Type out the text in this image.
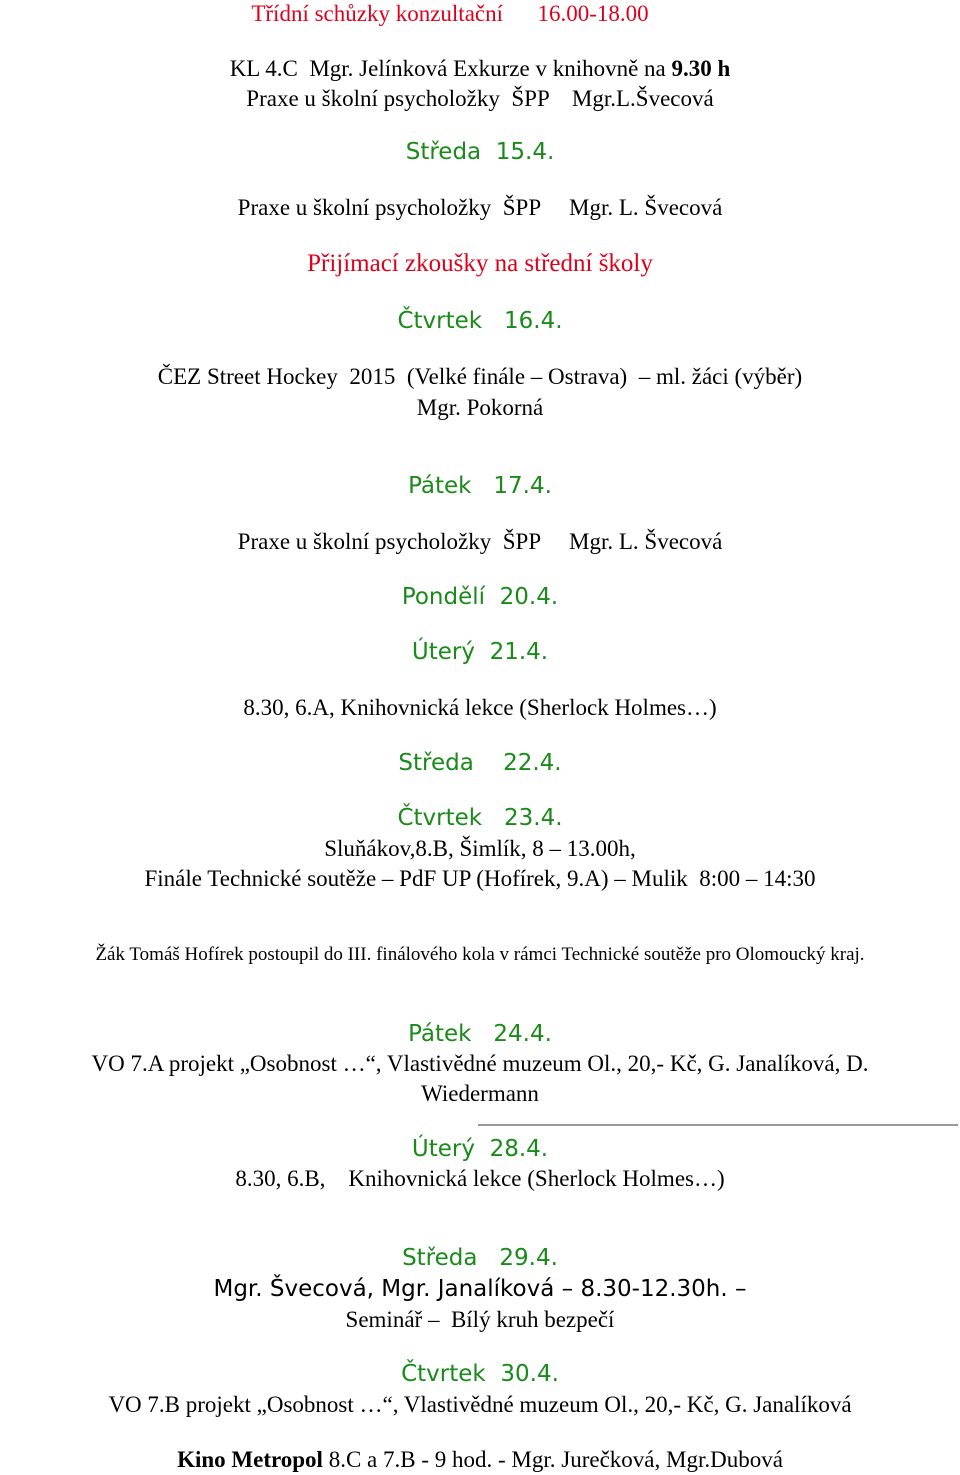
Třídní schůzky konzultační      16.00-18.00
KL 4.C  Mgr. Jelínková Exkurze v knihovně na 9.30 h
Praxe u školní psycholožky  ŠPP    Mgr.L.Švecová
Středa  15.4.
Praxe u školní psycholožky  ŠPP     Mgr. L. Švecová
Přijímací zkoušky na střední školy
Čtvrtek   16.4.
ČEZ Street Hockey  2015  (Velké finále – Ostrava)  – ml. žáci (výběr)
Mgr. Pokorná
Pátek   17.4.
Praxe u školní psycholožky  ŠPP     Mgr. L. Švecová
Pondělí  20.4.
Úterý  21.4.
8.30, 6.A, Knihovnická lekce (Sherlock Holmes…)
Středa    22.4.
Čtvrtek   23.4.
Sluňákov,8.B, Šimlík, 8 – 13.00h,
Finále Technické soutěže – PdF UP (Hofírek, 9.A) – Mulik  8:00 – 14:30
Žák Tomáš Hofírek postoupil do III. finálového kola v rámci Technické soutěže pro Olomoucký kraj.
Pátek   24.4.
VO 7.A projekt „Osobnost …“, Vlastivědné muzeum Ol., 20,- Kč, G. Janalíková, D.
Wiedermann
Úterý  28.4.
8.30, 6.B,    Knihovnická lekce (Sherlock Holmes…)
Středa   29.4.
Mgr. Švecová, Mgr. Janalíková – 8.30-12.30h. –
Seminář –  Bílý kruh bezpečí
Čtvrtek  30.4.
VO 7.B projekt „Osobnost …“, Vlastivědné muzeum Ol., 20,- Kč, G. Janalíková
Kino Metropol 8.C a 7.B - 9 hod. - Mgr. Jurečková, Mgr.Dubová
